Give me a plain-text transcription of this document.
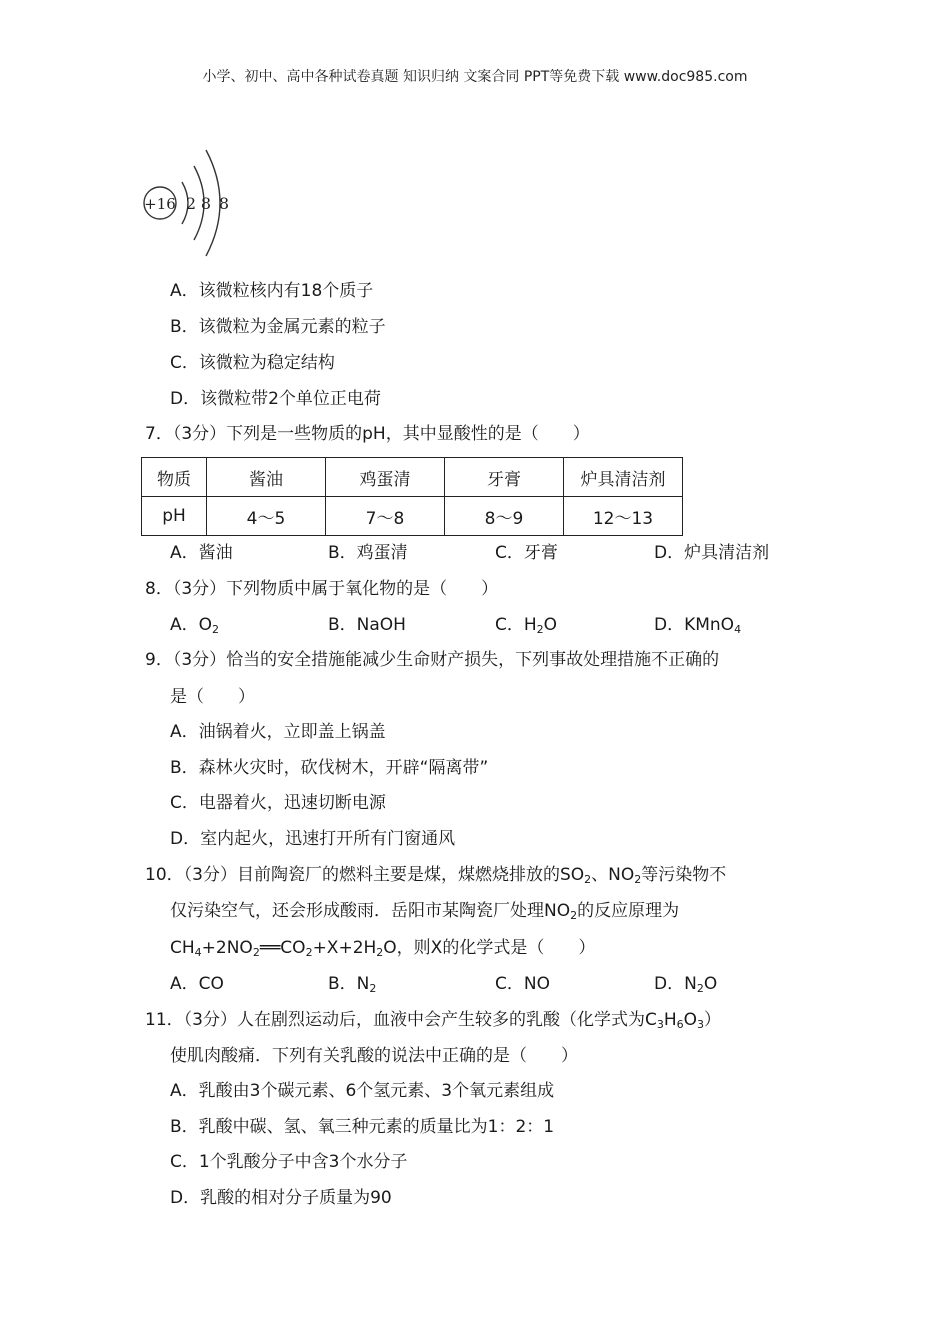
小学、初中、高中各种试卷真题 知识归纳 文案合同 PPT等免费下载 www.doc985.com
+16 2 8 8
A．该微粒核内有18个质子
B．该微粒为金属元素的粒子
C．该微粒为稳定结构
D．该微粒带2个单位正电荷
7．（3分）下列是一些物质的pH，其中显酸性的是（　　）
物质	酱油	鸡蛋清	牙膏	炉具清洁剂
pH	4～5	7～8	8～9	12～13
A．酱油	B．鸡蛋清	C．牙膏	D．炉具清洁剂
8．（3分）下列物质中属于氧化物的是（　　）
A．$O_2$	B．NaOH	C．$H_2O$	D．KMnO$_4$
9．（3分）恰当的安全措施能减少生命财产损失，下列事故处理措施不正确的
是（　　）
A．油锅着火，立即盖上锅盖
B．森林火灾时，砍伐树木，开辟“隔离带”
C．电器着火，迅速切断电源
D．室内起火，迅速打开所有门窗通风
10．（3分）目前陶瓷厂的燃料主要是煤，煤燃烧排放的$SO_2$、$NO_2$等污染物不
仅污染空气，还会形成酸雨．岳阳市某陶瓷厂处理$NO_2$的反应原理为
$CH_4+2NO_2══CO_2+X+2H_2O$，则X的化学式是（　　）
A．CO	B．$N_2$	C．NO	D．$N_2O$
11．（3分）人在剧烈运动后，血液中会产生较多的乳酸（化学式为$C_3H_6O_3$）
使肌肉酸痛．下列有关乳酸的说法中正确的是（　　）
A．乳酸由3个碳元素、6个氢元素、3个氧元素组成
B．乳酸中碳、氢、氧三种元素的质量比为1：2：1
C．1个乳酸分子中含3个水分子
D．乳酸的相对分子质量为90
